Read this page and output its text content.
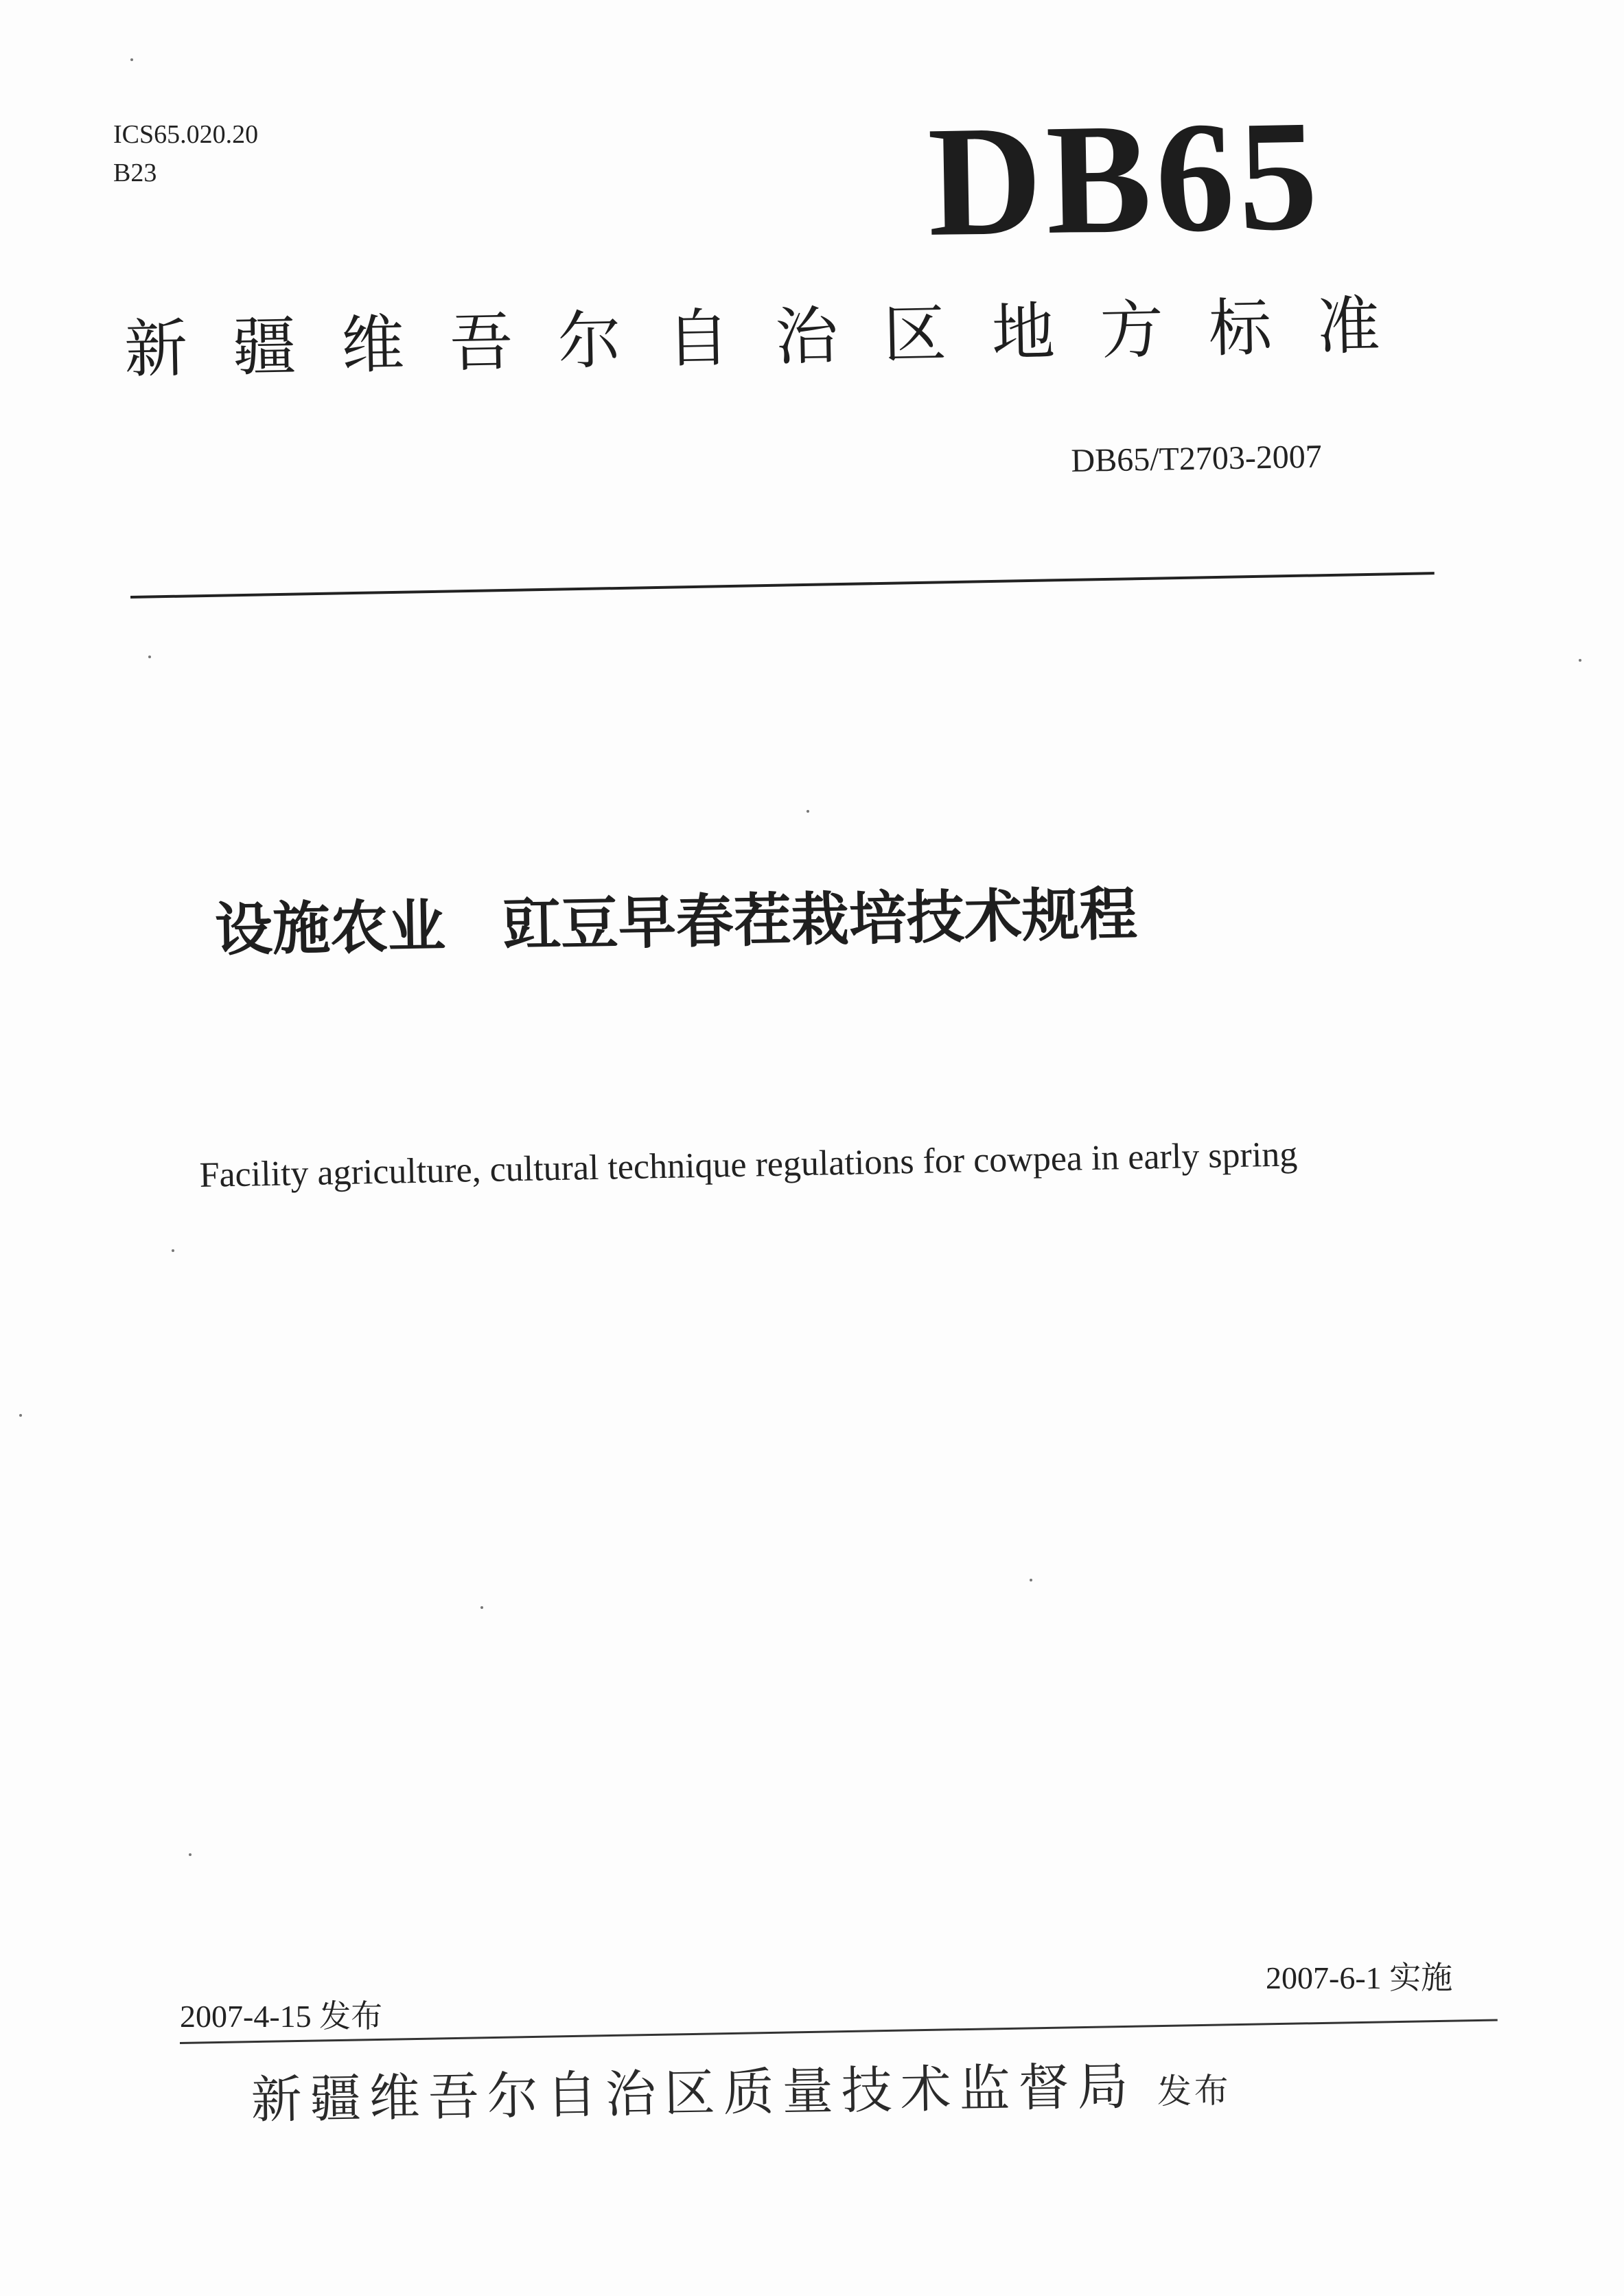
ICS65.020.20
B23	DB65
新疆维吾尔自治区地方标准
DB65/T2703-2007
设施农业　豇豆早春茬栽培技术规程
Facility agriculture, cultural technique regulations for cowpea in early spring
2007-4-15 发布
2007-6-1 实施
新疆维吾尔自治区质量技术监督局 发布
